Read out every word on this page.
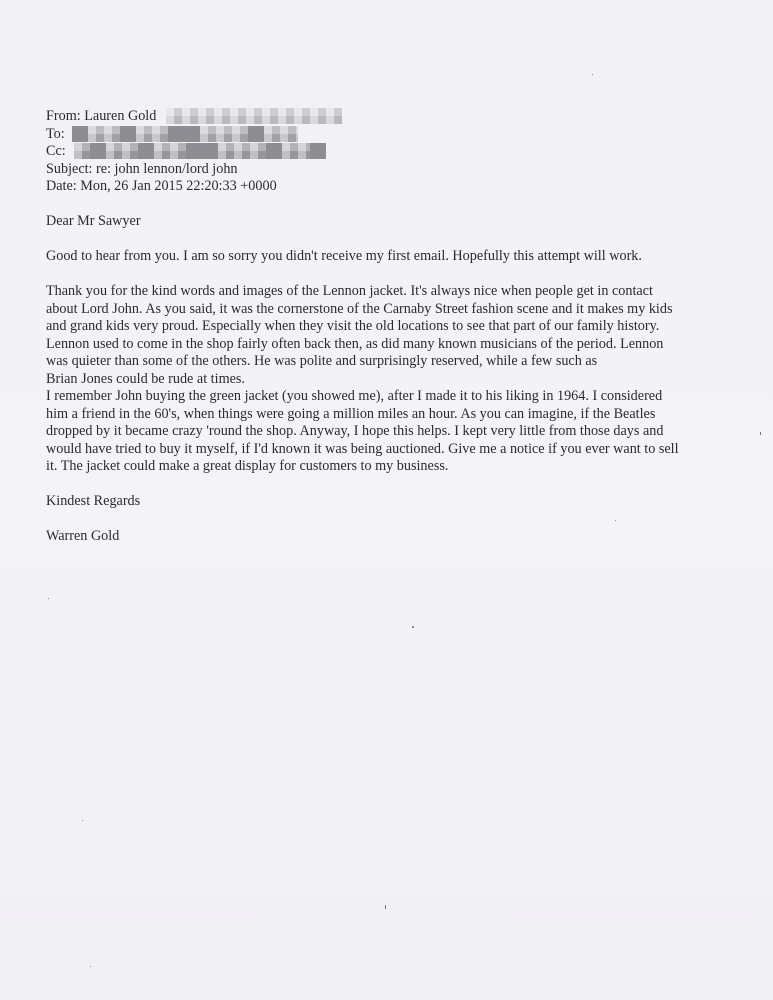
From: Lauren Gold
To:
Cc:
Subject: re: john lennon/lord john
Date: Mon, 26 Jan 2015 22:20:33 +0000
Dear Mr Sawyer
Good to hear from you. I am so sorry you didn't receive my first email. Hopefully this attempt will work.
Thank you for the kind words and images of the Lennon jacket. It's always nice when people get in contact
about Lord John. As you said, it was the cornerstone of the Carnaby Street fashion scene and it makes my kids
and grand kids very proud. Especially when they visit the old locations to see that part of our family history.
Lennon used to come in the shop fairly often back then, as did many known musicians of the period. Lennon
was quieter than some of the others. He was polite and surprisingly reserved, while a few such as
Brian Jones could be rude at times.
I remember John buying the green jacket (you showed me), after I made it to his liking in 1964. I considered
him a friend in the 60's, when things were going a million miles an hour. As you can imagine, if the Beatles
dropped by it became crazy 'round the shop. Anyway, I hope this helps. I kept very little from those days and
would have tried to buy it myself, if I'd known it was being auctioned. Give me a notice if you ever want to sell
it. The jacket could make a great display for customers to my business.
Kindest Regards
Warren Gold
